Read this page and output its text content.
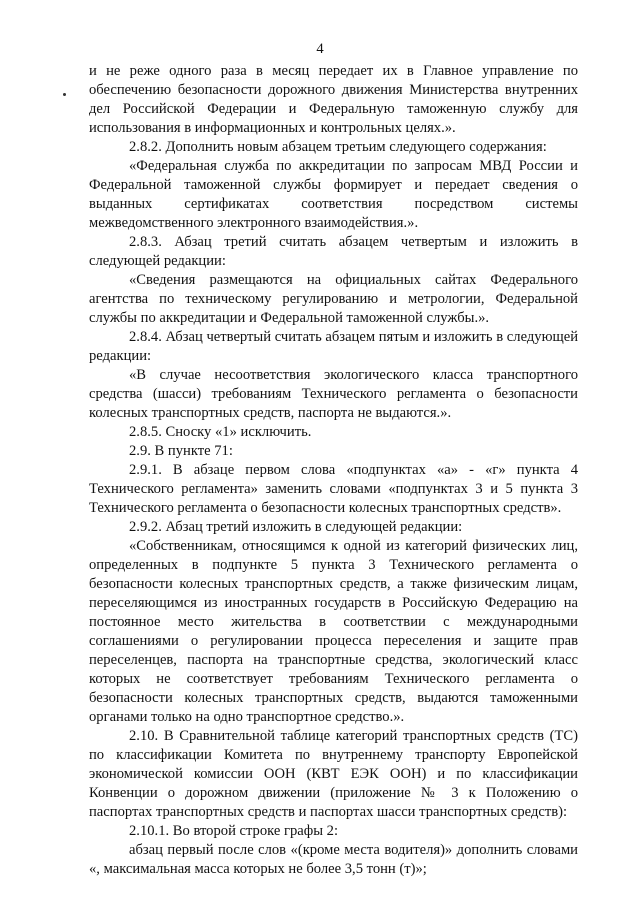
4

и не реже одного раза в месяц передает их в Главное управление по обеспечению безопасности дорожного движения Министерства внутренних дел Российской Федерации и Федеральную таможенную службу для использования в информационных и контрольных целях.».

2.8.2. Дополнить новым абзацем третьим следующего содержания:

«Федеральная служба по аккредитации по запросам МВД России и Федеральной таможенной службы формирует и передает сведения о выданных сертификатах соответствия посредством системы межведомственного электронного взаимодействия.».

2.8.3. Абзац третий считать абзацем четвертым и изложить в следующей редакции:

«Сведения размещаются на официальных сайтах Федерального агентства по техническому регулированию и метрологии, Федеральной службы по аккредитации и Федеральной таможенной службы.».

2.8.4. Абзац четвертый считать абзацем пятым и изложить в следующей редакции:

«В случае несоответствия экологического класса транспортного средства (шасси) требованиям Технического регламента о безопасности колесных транспортных средств, паспорта не выдаются.».

2.8.5. Сноску «1» исключить.

2.9. В пункте 71:

2.9.1. В абзаце первом слова «подпунктах «а» - «г» пункта 4 Технического регламента» заменить словами «подпунктах 3 и 5 пункта 3 Технического регламента о безопасности колесных транспортных средств».

2.9.2. Абзац третий изложить в следующей редакции:

«Собственникам, относящимся к одной из категорий физических лиц, определенных в подпункте 5 пункта 3 Технического регламента о безопасности колесных транспортных средств, а также физическим лицам, переселяющимся из иностранных государств в Российскую Федерацию на постоянное место жительства в соответствии с международными соглашениями о регулировании процесса переселения и защите прав переселенцев, паспорта на транспортные средства, экологический класс которых не соответствует требованиям Технического регламента о безопасности колесных транспортных средств, выдаются таможенными органами только на одно транспортное средство.».

2.10. В Сравнительной таблице категорий транспортных средств (ТС) по классификации Комитета по внутреннему транспорту Европейской экономической комиссии ООН (КВТ ЕЭК ООН) и по классификации Конвенции о дорожном движении (приложение № 3 к Положению о паспортах транспортных средств и паспортах шасси транспортных средств):

2.10.1. Во второй строке графы 2:

абзац первый после слов «(кроме места водителя)» дополнить словами «, максимальная масса которых не более 3,5 тонн (т)»;
